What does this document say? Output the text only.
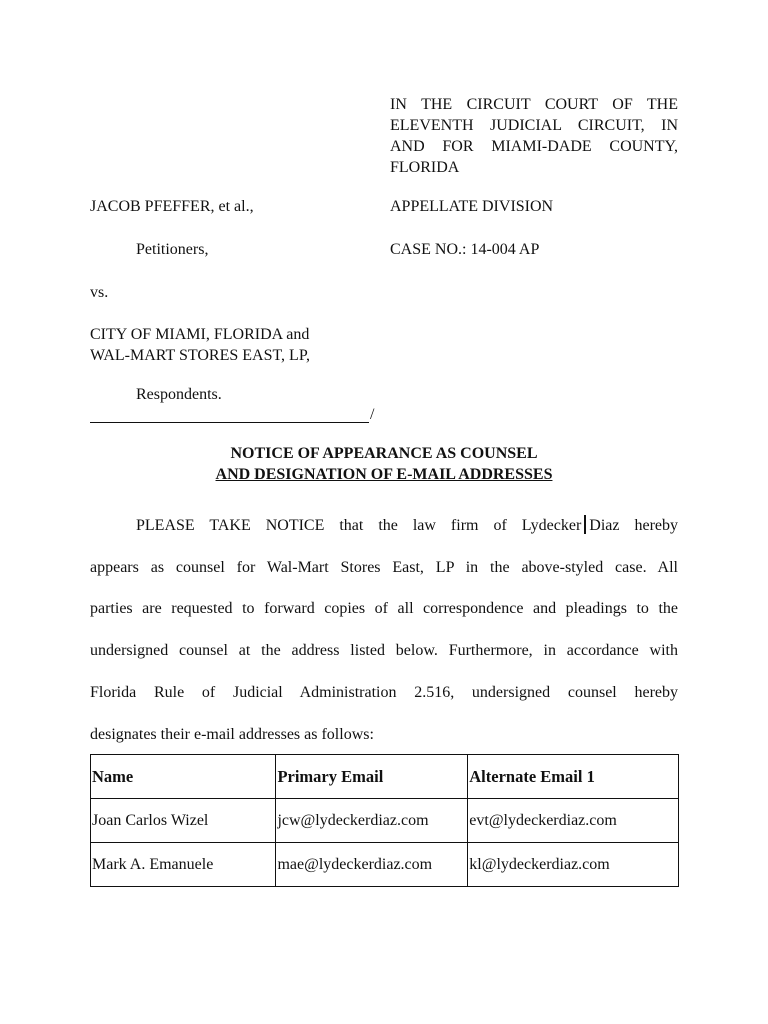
IN THE CIRCUIT COURT OF THE
ELEVENTH JUDICIAL CIRCUIT, IN
AND FOR MIAMI-DADE COUNTY,
FLORIDA
JACOB PFEFFER, et al.,	APPELLATE DIVISION
Petitioners,	CASE NO.: 14-004 AP
vs.
CITY OF MIAMI, FLORIDA and
WAL-MART STORES EAST, LP,
Respondents.
/
NOTICE OF APPEARANCE AS COUNSEL
AND DESIGNATION OF E-MAIL ADDRESSES
PLEASE TAKE NOTICE that the law firm of Lydecker Diaz hereby
appears as counsel for Wal-Mart Stores East, LP in the above-styled case. All
parties are requested to forward copies of all correspondence and pleadings to the
undersigned counsel at the address listed below. Furthermore, in accordance with
Florida Rule of Judicial Administration 2.516, undersigned counsel hereby
designates their e-mail addresses as follows:
Name	Primary Email	Alternate Email 1
Joan Carlos Wizel	jcw@lydeckerdiaz.com	evt@lydeckerdiaz.com
Mark A. Emanuele	mae@lydeckerdiaz.com	kl@lydeckerdiaz.com
